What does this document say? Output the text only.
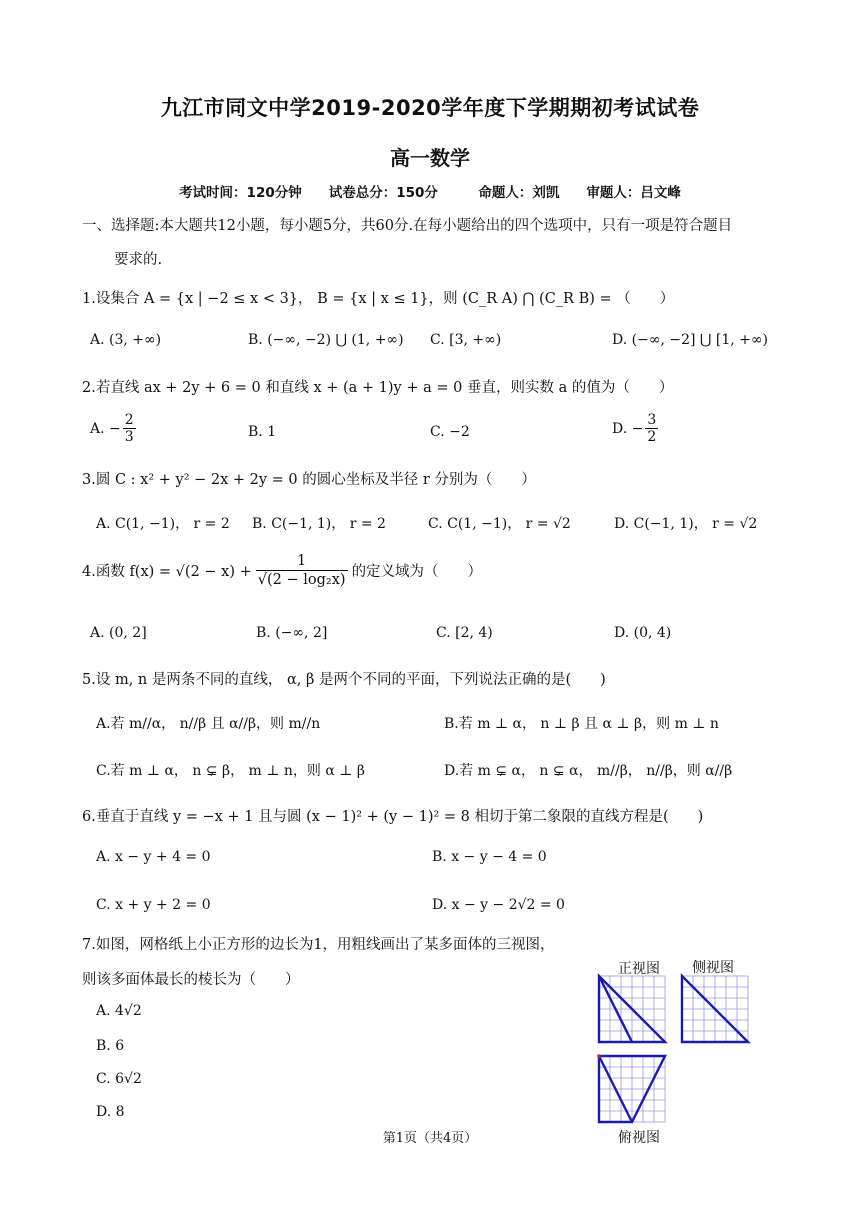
九江市同文中学2019-2020学年度下学期期初考试试卷
高一数学
考试时间：120分钟　　试卷总分：150分　　　命题人：刘凯　　审题人：吕文峰
一、选择题:本大题共12小题，每小题5分，共60分.在每小题给出的四个选项中，只有一项是符合题目
要求的.
1.设集合 A = {x | −2 ≤ x < 3}， B = {x | x ≤ 1}，则 (C_R A) ⋂ (C_R B) = （　　）
A. (3, +∞)	B. (−∞, −2) ⋃ (1, +∞) C. [3, +∞)	D. (−∞, −2] ⋃ [1, +∞)
2.若直线 ax + 2y + 6 = 0 和直线 x + (a + 1)y + a = 0 垂直，则实数 a 的值为（　　）
A. − $\frac{2}{3}$	B. 1	C. −2	D. − $\frac{3}{2}$
3.圆 C : x² + y² − 2x + 2y = 0 的圆心坐标及半径 r 分别为（　　）
A. C(1, −1)， r = 2 B. C(−1, 1)， r = 2	C. C(1, −1)， r = √2	D. C(−1, 1)， r = √2
4.函数 $f(x) = √(2 - x) + \frac{1}{\text{√(2 − log₂x)}}$ 的定义域为（　　）
A. (0, 2]	B. (−∞, 2]	C. [2, 4)	D. (0, 4)
5.设 m, n 是两条不同的直线， α, β 是两个不同的平面，下列说法正确的是(　　)
A.若 m//α， n//β 且 α//β，则 m//n	B.若 m ⊥ α， n ⊥ β 且 α ⊥ β，则 m ⊥ n
C.若 m ⊥ α， n ⊊ β， m ⊥ n，则 α ⊥ β	D.若 m ⊊ α， n ⊊ α， m//β， n//β，则 α//β
6.垂直于直线 y = −x + 1 且与圆 (x − 1)² + (y − 1)² = 8 相切于第二象限的直线方程是(　　)
A. x − y + 4 = 0	B. x − y − 4 = 0
C. x + y + 2 = 0	D. x − y − 2√2 = 0
7.如图，网格纸上小正方形的边长为1，用粗线画出了某多面体的三视图，
则该多面体最长的棱长为（　　）
A. 4√2
B. 6
C. 6√2
D. 8
正视图 侧视图
俯视图
第1页（共4页）
